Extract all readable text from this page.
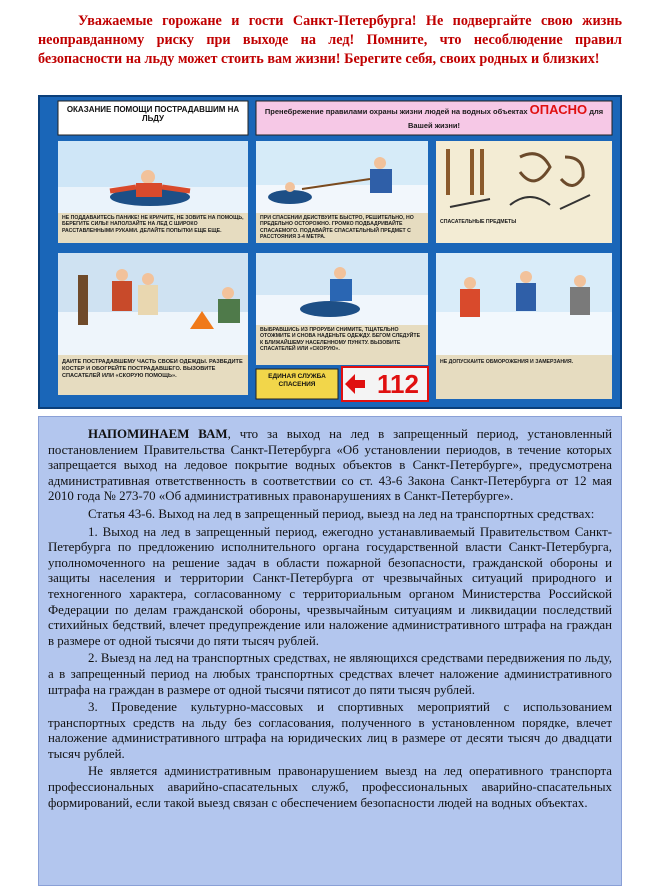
Уважаемые горожане и гости Санкт-Петербурга! Не подвергайте свою жизнь неоправданному риску при выходе на лед! Помните, что несоблюдение правил безопасности на льду может стоить вам жизни! Берегите себя, своих родных и близких!

ОКАЗАНИЕ ПОМОЩИ ПОСТРАДАВШИМ НА ЛЬДУ
Пренебрежение правилами охраны жизни людей на водных объектах ОПАСНО для Вашей жизни!
НЕ ПОДДАВАЙТЕСЬ ПАНИКЕ! НЕ КРИЧИТЕ, НЕ ЗОВИТЕ НА ПОМОЩЬ, БЕРЕГИТЕ СИЛЫ! НАПОЛЗАЙТЕ НА ЛЕД С ШИРОКО РАССТАВЛЕННЫМИ РУКАМИ. ДЕЛАЙТЕ ПОПЫТКИ ЕЩЕ ЕЩЕ.
ПРИ СПАСЕНИИ ДЕЙСТВУЙТЕ БЫСТРО, РЕШИТЕЛЬНО, НО ПРЕДЕЛЬНО ОСТОРОЖНО. ГРОМКО ПОДБАДРИВАЙТЕ СПАСАЕМОГО. ПОДАВАЙТЕ СПАСАТЕЛЬНЫЙ ПРЕДМЕТ С РАССТОЯНИЯ 3-4 МЕТРА.
СПАСАТЕЛЬНЫЕ ПРЕДМЕТЫ
ДАЙТЕ ПОСТРАДАВШЕМУ ЧАСТЬ СВОЕЙ ОДЕЖДЫ. РАЗВЕДИТЕ КОСТЕР И ОБОГРЕЙТЕ ПОСТРАДАВШЕГО. ВЫЗОВИТЕ СПАСАТЕЛЕЙ ИЛИ «СКОРУЮ ПОМОЩЬ».
ВЫБРАВШИСЬ ИЗ ПРОРУБИ СНИМИТЕ, ТЩАТЕЛЬНО ОТОЖМИТЕ И СНОВА НАДЕНЬТЕ ОДЕЖДУ. БЕГОМ СЛЕДУЙТЕ К БЛИЖАЙШЕМУ НАСЕЛЕННОМУ ПУНКТУ. ВЫЗОВИТЕ СПАСАТЕЛЕЙ ИЛИ «СКОРУЮ».
НЕ ДОПУСКАЙТЕ ОБМОРОЖЕНИЯ И ЗАМЕРЗАНИЯ.
ЕДИНАЯ СЛУЖБА СПАСЕНИЯ	112

НАПОМИНАЕМ ВАМ, что за выход на лед в запрещенный период, установленный постановлением Правительства Санкт-Петербурга «Об установлении периодов, в течение которых запрещается выход на ледовое покрытие водных объектов в Санкт-Петербурге», предусмотрена административная ответственность в соответствии со ст. 43-6 Закона Санкт-Петербурга от 12 мая 2010 года № 273-70 «Об административных правонарушениях в Санкт-Петербурге».

Статья 43-6. Выход на лед в запрещенный период, выезд на лед на транспортных средствах:

1. Выход на лед в запрещенный период, ежегодно устанавливаемый Правительством Санкт-Петербурга по предложению исполнительного органа государственной власти Санкт-Петербурга, уполномоченного на решение задач в области пожарной безопасности, гражданской обороны и защиты населения и территории Санкт-Петербурга от чрезвычайных ситуаций природного и техногенного характера, согласованному с территориальным органом Министерства Российской Федерации по делам гражданской обороны, чрезвычайным ситуациям и ликвидации последствий стихийных бедствий, влечет предупреждение или наложение административного штрафа на граждан в размере от одной тысячи до пяти тысяч рублей.

2. Выезд на лед на транспортных средствах, не являющихся средствами передвижения по льду, а в запрещенный период на любых транспортных средствах влечет наложение административного штрафа на граждан в размере от одной тысячи пятисот до пяти тысяч рублей.

3. Проведение культурно-массовых и спортивных мероприятий с использованием транспортных средств на льду без согласования, полученного в установленном порядке, влечет наложение административного штрафа на юридических лиц в размере от десяти тысяч до двадцати тысяч рублей.

Не является административным правонарушением выезд на лед оперативного транспорта профессиональных аварийно-спасательных служб, профессиональных аварийно-спасательных формирований, если такой выезд связан с обеспечением безопасности людей на водных объектах.
